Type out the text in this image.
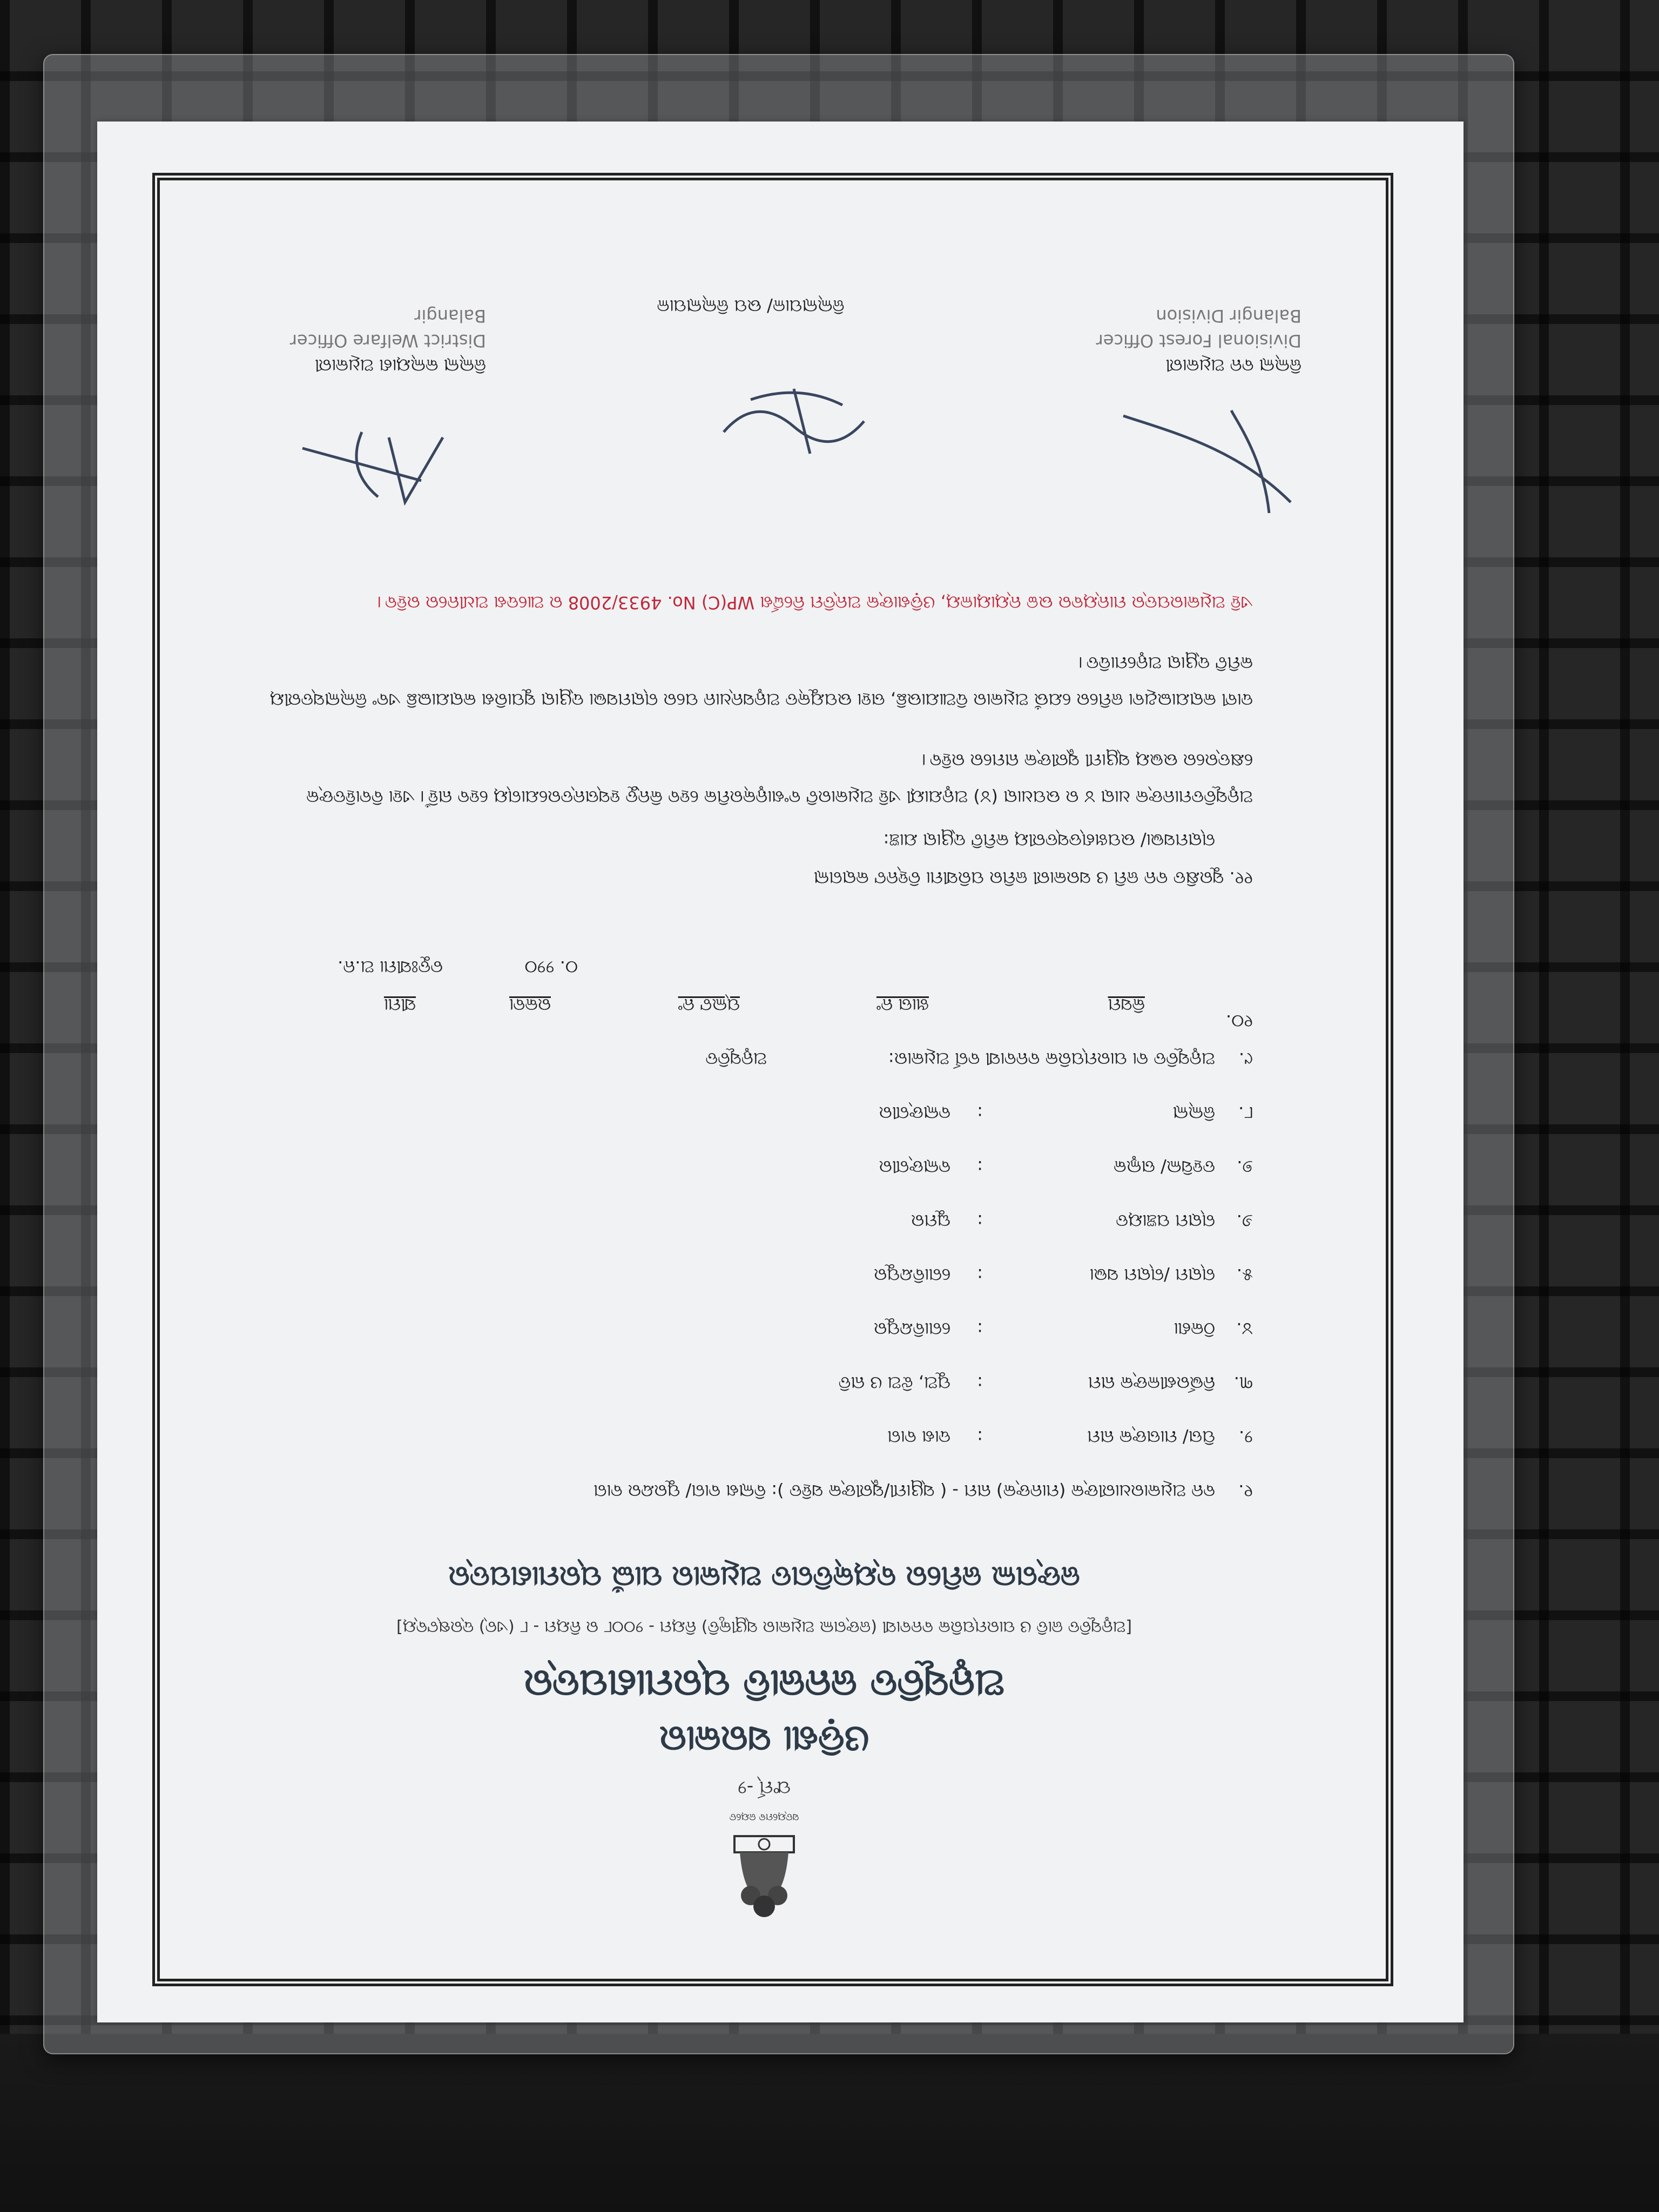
ସତ୍ୟମେବ ଜୟତେ
ଫର୍ମ୍ -୨
ଓଡ଼ିଶା ସରକାର
ଅନୁସୂଚିତ ଜନଜାତି ପ୍ରମାଣପତ୍ର
[ଅନୁସୂଚିତ ଜାତି ଓ ପାରମ୍ପରିକ ବନବାସୀ (ଜଙ୍ଗଲ ଅଧିକାର ସ୍ୱୀକୃତି) ନିୟମ - ୨୦୦୮ ର ନିୟମ - ୮ (ଏଚ୍) ଦ୍ରଷ୍ଟବ୍ୟ]
ଜଙ୍ଗଲ ଜମିରେ ବ୍ୟକ୍ତିଗତ ଅଧିକାର ପାଇଁ ପ୍ରମାଣପତ୍ର
୧.
ବନ ଅଧିକାରଧାରୀଙ୍କ (ମାନଙ୍କ) ନାମ - ( ସ୍ୱାମୀ/ସ୍ତ୍ରୀଙ୍କ ସହିତ ): ବିଲାଶ ବାଗ/ ପୁରନ୍ଦର ବାଗ
୨.
ପିତା/ ମାତାଙ୍କ ନାମ
:
ଦାଶ ବାଗ
୩.
ନିର୍ଭରଶୀଳଙ୍କ ନାମ
:
ପୁଅ, ଝିଅ ଓ ନାତି
୪.
ଠିକଣା
:
ଗୋବିନ୍ଦପୁର
୫.
ଗ୍ରାମ /ଗ୍ରାମ ସଭା
:
ଗୋବିନ୍ଦପୁର
୬.
ଗ୍ରାମ ପଞ୍ଚାୟତ
:
ଘୁମର
୭.
ତହସିଲ/ ତାଲୁକ
:
ବଲାଙ୍ଗୀର
୮.
ଜିଲ୍ଲା
:
ବଲାଙ୍ଗୀର
୯.
ଅନୁସୂଚିତ ବା ପାରମ୍ପରିକ ବନବାସୀ ବର୍ଗ ଅଧିକାର:
ଅନୁସୂଚିତ
୧୦.
କିସମ
ଖାତା ନଂ
ପ୍ଲଟ ନଂ
ରକବା
ସୀମା
୦. ୨୨୦
ଚତୁଃସୀମା ଅ.ନ.
୧୧. ସୁରକ୍ଷିତ ବନ ଜମି ଓ ସରକାରୀ ଜମିର ପରିସୀମା ଚିହ୍ନଟ କରାଗଲା
ଗ୍ରାମସଭା/ ଉପଖଣ୍ଡସ୍ତରୀୟ କମିଟି ଦ୍ୱାରା ଯାଞ୍ଚ:
ଅନୁସୂଚିତମାନଙ୍କ ଧାରା ୪ ର ଉପଧାରା (୪) ଅନୁଯାୟୀ ଏହି ଅଧିକାରଟି ବଂଶାନୁକ୍ରମିକ ହେବ କିନ୍ତୁ ହସ୍ତାନ୍ତରଯୋଗ୍ୟ ହେବ ନାହିଁ। ଏହା ବିବାହିତଙ୍କ କ୍ଷେତ୍ରରେ ଉଭୟ ସ୍ୱାମୀ ସ୍ତ୍ରୀଙ୍କ ନାମରେ ରହିବ।
ଦାବୀ କରାଯାଇଥିବା ଜମିରେ ଯେଉଁ ଅଧିକାର ଦିଆଯାଉଛି, ତାହା ଉପଯୁକ୍ତ ଅନୁସନ୍ଧାନ ପରେ ଗ୍ରାମସଭା ଦ୍ୱାରା ସୁପାରିଶ କରାଯାଇଛି ଏବଂ ଜିଲ୍ଲାସ୍ତରୀୟ କମିଟି ଦ୍ୱାରା ଅନୁମୋଦିତ।
ଏହି ଅଧିକାରପତ୍ର ମାନ୍ୟବର ଉଚ୍ଚ ନ୍ୟାୟାଳୟ, ଓଡ଼ିଶାଙ୍କ ଅନ୍ତିମ ନିର୍ଦ୍ଦେଶ WP(C) No. 4933/2008 ର ଆଦେଶ ଅଧୀନରେ ରହିବ।
ଜିଲ୍ଲା ବନ ଅଧିକାରୀ
Divisional Forest Officer
Balangir Division
ଜିଲ୍ଲାପାଳ/ ଉପ ଜିଲ୍ଲାପାଳ
ଜିଲ୍ଲା କଲ୍ୟାଣ ଅଧିକାରୀ
District Welfare Officer
Balangir
